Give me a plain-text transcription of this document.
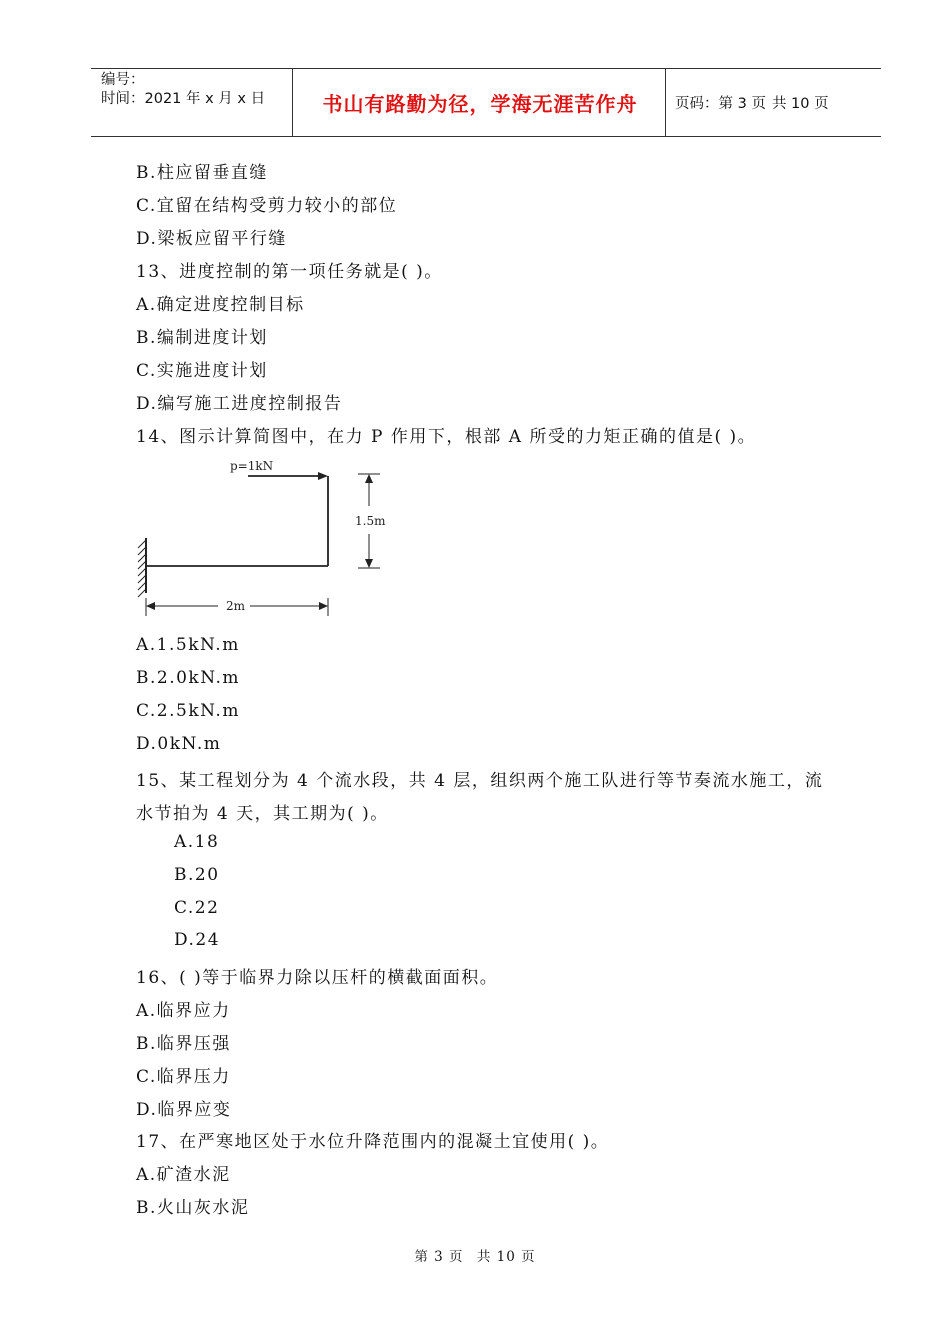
编号：
时间：2021 年 x 月 x 日	书山有路勤为径，学海无涯苦作舟	页码：第 3 页 共 10 页
B.柱应留垂直缝
C.宜留在结构受剪力较小的部位
D.梁板应留平行缝
13、进度控制的第一项任务就是( )。
A.确定进度控制目标
B.编制进度计划
C.实施进度计划
D.编写施工进度控制报告
14、图示计算简图中，在力 P 作用下，根部 A 所受的力矩正确的值是( )。
p=1kN
1.5m
2m
A.1.5kN.m
B.2.0kN.m
C.2.5kN.m
D.0kN.m
15、某工程划分为 4 个流水段，共 4 层，组织两个施工队进行等节奏流水施工，流
水节拍为 4 天，其工期为( )。
A.18
B.20
C.22
D.24
16、( )等于临界力除以压杆的横截面面积。
A.临界应力
B.临界压强
C.临界压力
D.临界应变
17、在严寒地区处于水位升降范围内的混凝土宜使用( )。
A.矿渣水泥
B.火山灰水泥
第 3 页 共 10 页
